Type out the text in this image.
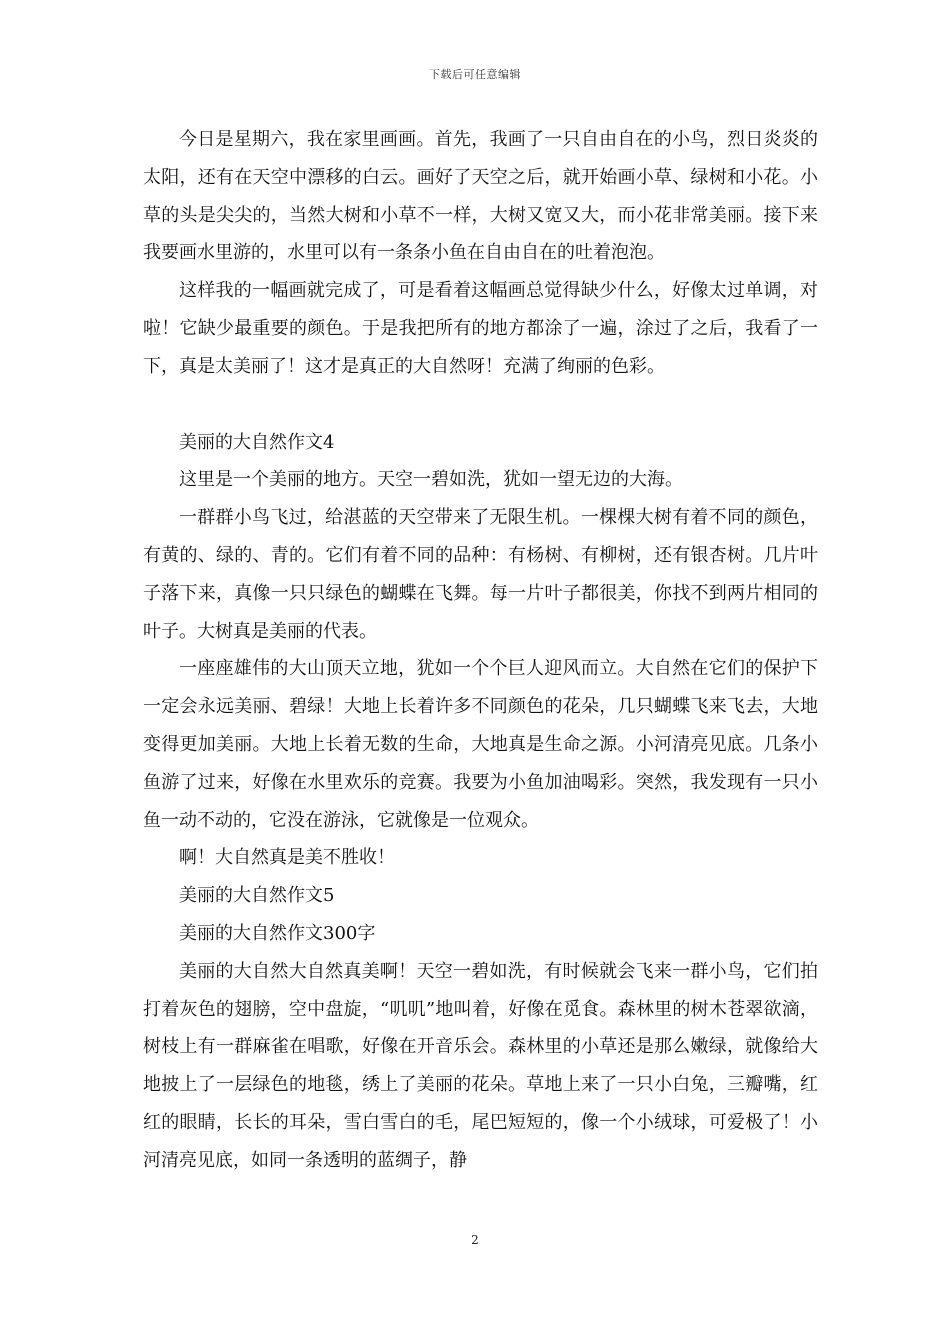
下载后可任意编辑

今日是星期六，我在家里画画。首先，我画了一只自由自在的小鸟，烈日炎炎的太阳，还有在天空中漂移的白云。画好了天空之后，就开始画小草、绿树和小花。小草的头是尖尖的，当然大树和小草不一样，大树又宽又大，而小花非常美丽。接下来我要画水里游的，水里可以有一条条小鱼在自由自在的吐着泡泡。

这样我的一幅画就完成了，可是看着这幅画总觉得缺少什么，好像太过单调，对啦！它缺少最重要的颜色。于是我把所有的地方都涂了一遍，涂过了之后，我看了一下，真是太美丽了！这才是真正的大自然呀！充满了绚丽的色彩。

美丽的大自然作文4

这里是一个美丽的地方。天空一碧如洗，犹如一望无边的大海。

一群群小鸟飞过，给湛蓝的天空带来了无限生机。一棵棵大树有着不同的颜色，有黄的、绿的、青的。它们有着不同的品种：有杨树、有柳树，还有银杏树。几片叶子落下来，真像一只只绿色的蝴蝶在飞舞。每一片叶子都很美，你找不到两片相同的叶子。大树真是美丽的代表。

一座座雄伟的大山顶天立地，犹如一个个巨人迎风而立。大自然在它们的保护下一定会永远美丽、碧绿！大地上长着许多不同颜色的花朵，几只蝴蝶飞来飞去，大地变得更加美丽。大地上长着无数的生命，大地真是生命之源。小河清亮见底。几条小鱼游了过来，好像在水里欢乐的竞赛。我要为小鱼加油喝彩。突然，我发现有一只小鱼一动不动的，它没在游泳，它就像是一位观众。

啊！大自然真是美不胜收！

美丽的大自然作文5

美丽的大自然作文300字

美丽的大自然大自然真美啊！天空一碧如洗，有时候就会飞来一群小鸟，它们拍打着灰色的翅膀，空中盘旋，“叽叽”地叫着，好像在觅食。森林里的树木苍翠欲滴，树枝上有一群麻雀在唱歌，好像在开音乐会。森林里的小草还是那么嫩绿，就像给大地披上了一层绿色的地毯，绣上了美丽的花朵。草地上来了一只小白兔，三瓣嘴，红红的眼睛，长长的耳朵，雪白雪白的毛，尾巴短短的，像一个小绒球，可爱极了！小河清亮见底，如同一条透明的蓝绸子，静

2
